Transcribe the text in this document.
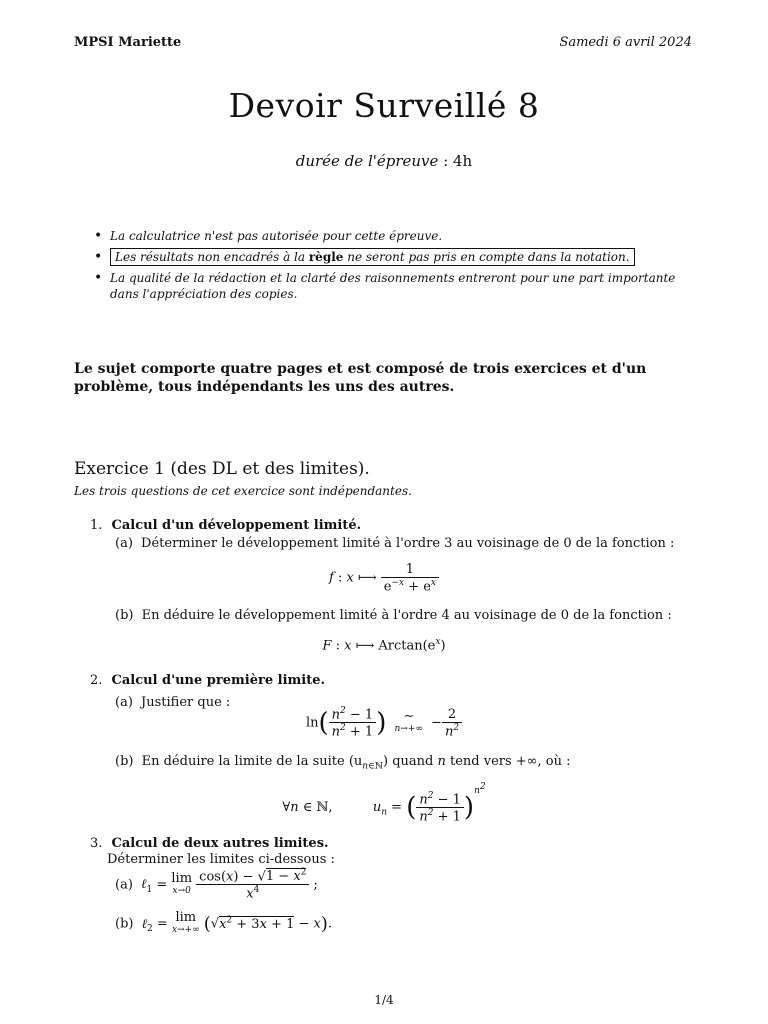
MPSI Mariette	Samedi 6 avril 2024
Devoir Surveillé 8
durée de l'épreuve : 4h
• La calculatrice n'est pas autorisée pour cette épreuve.
• Les résultats non encadrés à la règle ne seront pas pris en compte dans la notation.
• La qualité de la rédaction et la clarté des raisonnements entreront pour une part importante dans l'appréciation des copies.
Le sujet comporte quatre pages et est composé de trois exercices et d'un problème, tous indépendants les uns des autres.
Exercice 1 (des DL et des limites).
Les trois questions de cet exercice sont indépendantes.
1. Calcul d'un développement limité.
(a) Déterminer le développement limité à l'ordre 3 au voisinage de 0 de la fonction :
f : x ⟼ $\frac{1}{e^{-x} + e^x}$
(b) En déduire le développement limité à l'ordre 4 au voisinage de 0 de la fonction :
F : x ⟼ $Arctan(e^x)$
2. Calcul d'une première limite.
(a) Justifier que :
$\ln( \frac{n^2 - 1}{n^2 + 1}$ )	∼
$n\to+\infty - \frac{2}{n^2}$
(b) En déduire la limite de la suite $(u_{n\in ℕ})$ quand n tend vers +∞, où :
∀n ∈ ℕ,	$u_n$ = ( $\frac{n^2 - 1}{n^2 + 1} )^{n^2}$
3. Calcul de deux autres limites.
Déterminer les limites ci-dessous :
(a) ℓ$_1$ = lim
x→0
$\frac{\cos(x) - √1 - x^2}{x^4}$ ;
(b) ℓ$_2$ = lim
x→+∞ $(√x^2 + 3x + 1 - x)$.
1/4
